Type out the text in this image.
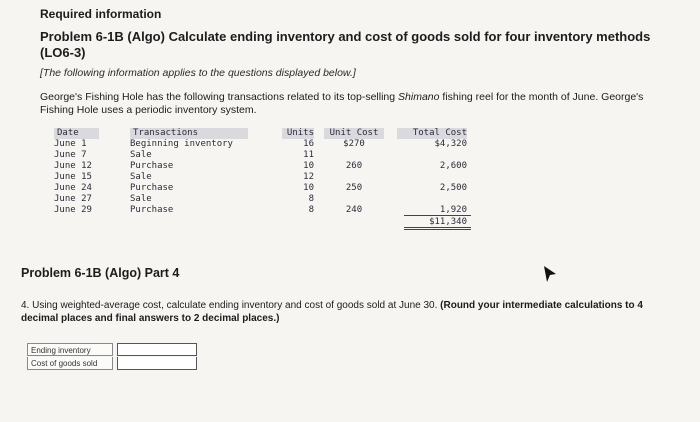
Required information
Problem 6-1B (Algo) Calculate ending inventory and cost of goods sold for four inventory methods (LO6-3)
[The following information applies to the questions displayed below.]
George's Fishing Hole has the following transactions related to its top-selling Shimano fishing reel for the month of June. George's Fishing Hole uses a periodic inventory system.
Date
June 1
June 7
June 12
June 15
June 24
June 27
June 29
Transactions
Beginning inventory
Sale
Purchase
Sale
Purchase
Sale
Purchase
Units
16
11
10
12
10
8
8
Unit Cost
$270
260
250
240
Total Cost
$4,320
2,600
2,500
1,920
$11,340
Problem 6-1B (Algo) Part 4
4. Using weighted-average cost, calculate ending inventory and cost of goods sold at June 30. (Round your intermediate calculations to 4 decimal places and final answers to 2 decimal places.)
Ending inventory
Cost of goods sold
